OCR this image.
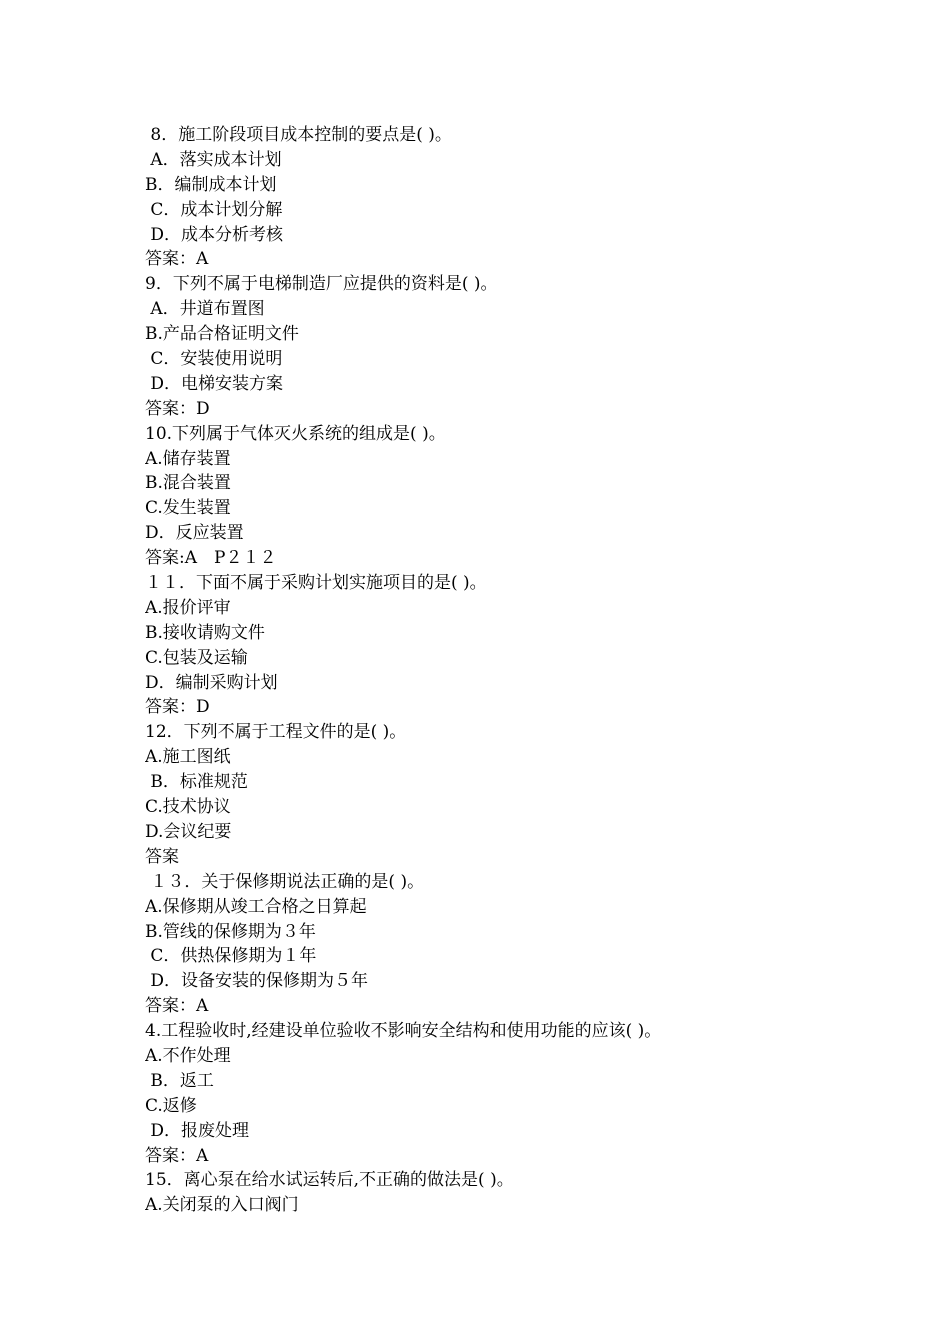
8．施工阶段项目成本控制的要点是( )。
A．落实成本计划
B．编制成本计划
C．成本计划分解
D．成本分析考核
答案：A
9．下列不属于电梯制造厂应提供的资料是( )。
A．井道布置图
B.产品合格证明文件
C．安装使用说明
D．电梯安装方案
答案：D
10.下列属于气体灭火系统的组成是( )。
A.储存装置
B.混合装置
C.发生装置
D．反应装置
答案:A　P２１２
１１．下面不属于采购计划实施项目的是( )。
A.报价评审
B.接收请购文件
C.包装及运输
D．编制采购计划
答案：D
12．下列不属于工程文件的是( )。
A.施工图纸
B．标准规范
C.技术协议
D.会议纪要
答案
１３．关于保修期说法正确的是( )。
A.保修期从竣工合格之日算起
B.管线的保修期为３年
C．供热保修期为１年
D．设备安装的保修期为５年
答案：A
4.工程验收时,经建设单位验收不影响安全结构和使用功能的应该( )。
A.不作处理
B．返工
C.返修
D．报废处理
答案：A
15．离心泵在给水试运转后,不正确的做法是( )。
A.关闭泵的入口阀门
